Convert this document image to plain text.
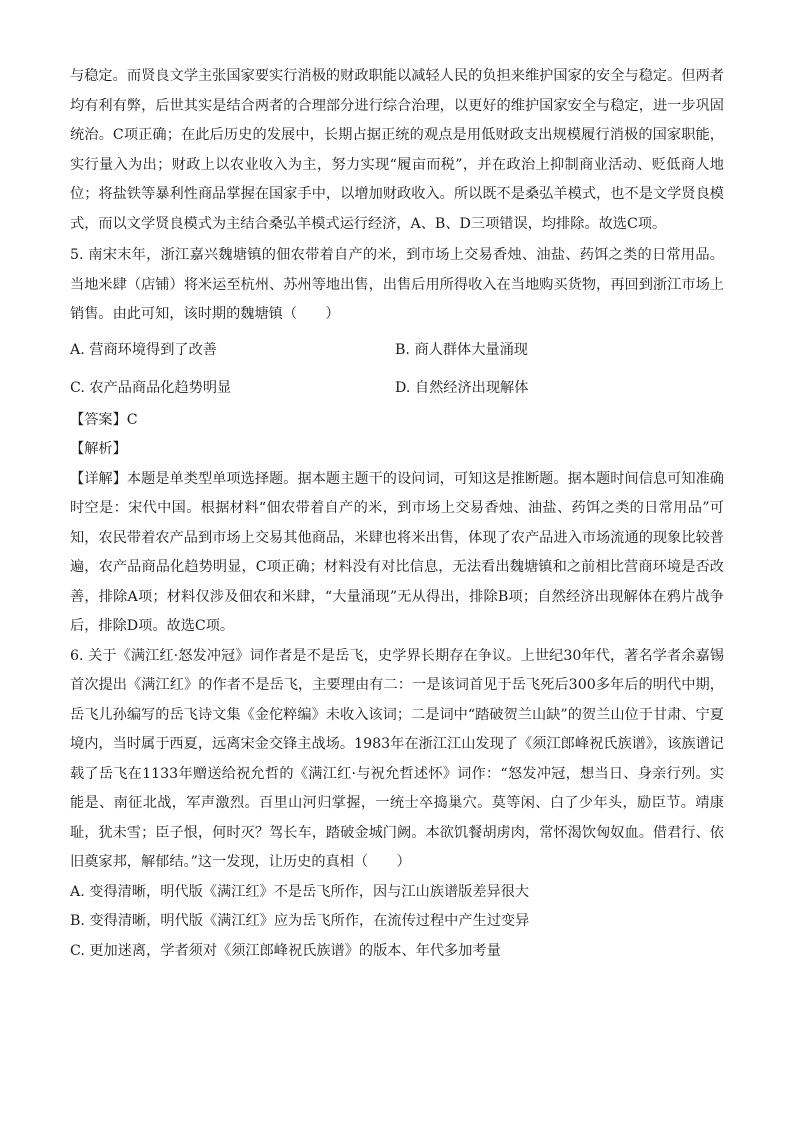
与稳定。而贤良文学主张国家要实行消极的财政职能以减轻人民的负担来维护国家的安全与稳定。但两者均有利有弊，后世其实是结合两者的合理部分进行综合治理，以更好的维护国家安全与稳定，进一步巩固统治。C项正确；在此后历史的发展中，长期占据正统的观点是用低财政支出规模履行消极的国家职能，实行量入为出；财政上以农业收入为主，努力实现“履亩而税”，并在政治上抑制商业活动、贬低商人地位；将盐铁等暴利性商品掌握在国家手中，以增加财政收入。所以既不是桑弘羊模式，也不是文学贤良模式，而以文学贤良模式为主结合桑弘羊模式运行经济，A、B、D三项错误，均排除。故选C项。

5. 南宋末年，浙江嘉兴魏塘镇的佃农带着自产的米，到市场上交易香烛、油盐、药饵之类的日常用品。当地米肆（店铺）将米运至杭州、苏州等地出售，出售后用所得收入在当地购买货物，再回到浙江市场上销售。由此可知，该时期的魏塘镇（　　）

A. 营商环境得到了改善	B. 商人群体大量涌现

C. 农产品商品化趋势明显	D. 自然经济出现解体

【答案】C

【解析】

【详解】本题是单类型单项选择题。据本题主题干的设问词，可知这是推断题。据本题时间信息可知准确时空是：宋代中国。根据材料“佃农带着自产的米，到市场上交易香烛、油盐、药饵之类的日常用品”可知，农民带着农产品到市场上交易其他商品，米肆也将米出售，体现了农产品进入市场流通的现象比较普遍，农产品商品化趋势明显，C项正确；材料没有对比信息，无法看出魏塘镇和之前相比营商环境是否改善，排除A项；材料仅涉及佃农和米肆，“大量涌现”无从得出，排除B项；自然经济出现解体在鸦片战争后，排除D项。故选C项。

6. 关于《满江红·怒发冲冠》词作者是不是岳飞，史学界长期存在争议。上世纪30年代，著名学者余嘉锡首次提出《满江红》的作者不是岳飞，主要理由有二：一是该词首见于岳飞死后300多年后的明代中期，岳飞儿孙编写的岳飞诗文集《金佗粹编》未收入该词；二是词中“踏破贺兰山缺”的贺兰山位于甘肃、宁夏境内，当时属于西夏，远离宋金交锋主战场。1983年在浙江江山发现了《须江郎峰祝氏族谱》，该族谱记载了岳飞在1133年赠送给祝允哲的《满江红·与祝允哲述怀》词作：“怒发冲冠，想当日、身亲行列。实能是、南征北战，军声激烈。百里山河归掌握，一统士卒捣巢穴。莫等闲、白了少年头，励臣节。靖康耻，犹未雪；臣子恨，何时灭？驾长车，踏破金城门阙。本欲饥餐胡虏肉，常怀渴饮匈奴血。借君行、依旧奠家邦，解郁结。”这一发现，让历史的真相（　　）

A. 变得清晰，明代版《满江红》不是岳飞所作，因与江山族谱版差异很大

B. 变得清晰，明代版《满江红》应为岳飞所作，在流传过程中产生过变异

C. 更加迷离，学者须对《须江郎峰祝氏族谱》的版本、年代多加考量
